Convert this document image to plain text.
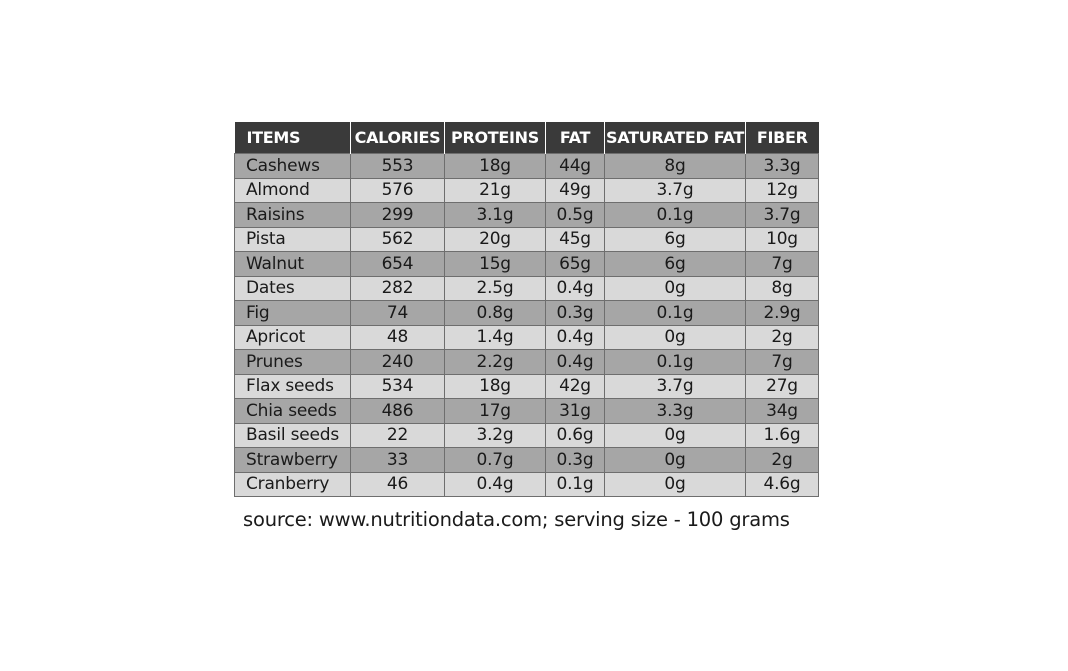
ITEMS	CALORIES	PROTEINS	FAT	SATURATED FAT	FIBER
Cashews	553	18g	44g	8g	3.3g
Almond	576	21g	49g	3.7g	12g
Raisins	299	3.1g	0.5g	0.1g	3.7g
Pista	562	20g	45g	6g	10g
Walnut	654	15g	65g	6g	7g
Dates	282	2.5g	0.4g	0g	8g
Fig	74	0.8g	0.3g	0.1g	2.9g
Apricot	48	1.4g	0.4g	0g	2g
Prunes	240	2.2g	0.4g	0.1g	7g
Flax seeds	534	18g	42g	3.7g	27g
Chia seeds	486	17g	31g	3.3g	34g
Basil seeds	22	3.2g	0.6g	0g	1.6g
Strawberry	33	0.7g	0.3g	0g	2g
Cranberry	46	0.4g	0.1g	0g	4.6g
source: www.nutritiondata.com; serving size - 100 grams
